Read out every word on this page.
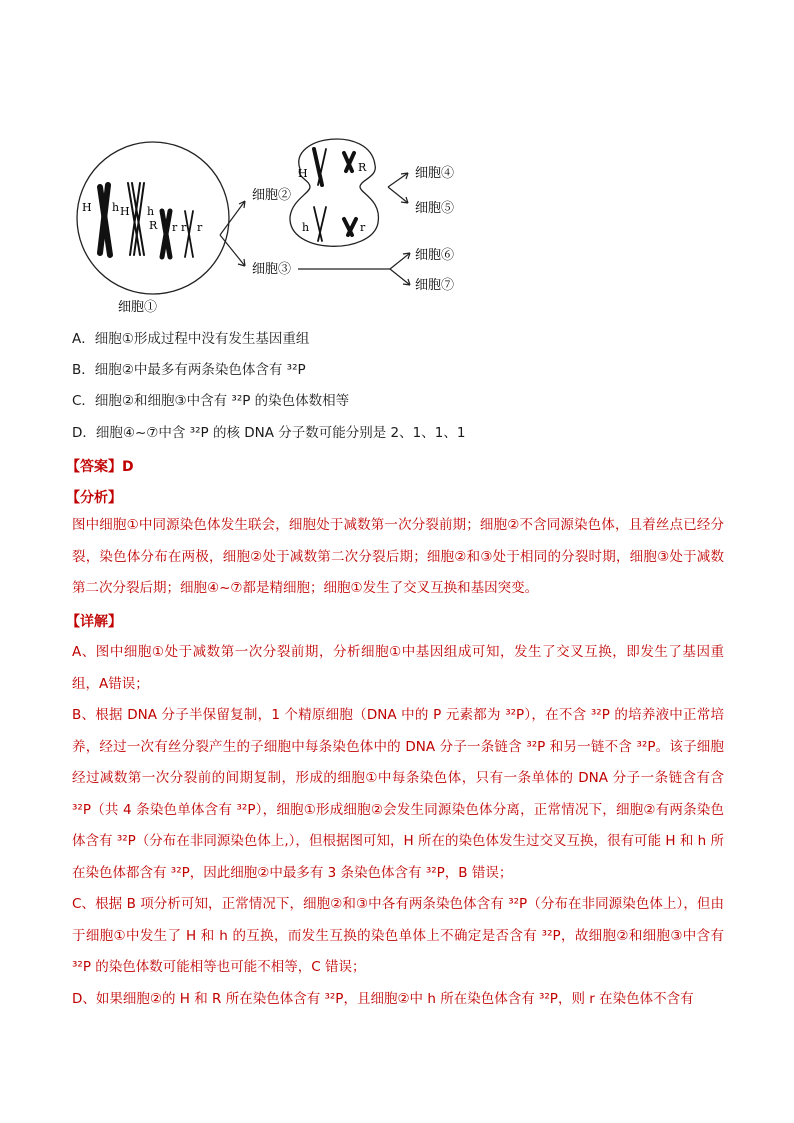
H h H h
R r r r
细胞①
细胞②
细胞③
H	R
h	r
细胞④
细胞⑤
细胞⑥
细胞⑦
A．细胞①形成过程中没有发生基因重组
B．细胞②中最多有两条染色体含有 ³²P
C．细胞②和细胞③中含有 ³²P 的染色体数相等
D．细胞④~⑦中含 ³²P 的核 DNA 分子数可能分别是 2、1、1、1
【答案】D
【分析】

图中细胞①中同源染色体发生联会，细胞处于减数第一次分裂前期；细胞②不含同源染色体，且着丝点已经分裂，染色体分布在两极，细胞②处于减数第二次分裂后期；细胞②和③处于相同的分裂时期，细胞③处于减数第二次分裂后期；细胞④~⑦都是精细胞；细胞①发生了交叉互换和基因突变。

【详解】

A、图中细胞①处于减数第一次分裂前期，分析细胞①中基因组成可知，发生了交叉互换，即发生了基因重组，A错误；

B、根据 DNA 分子半保留复制，1 个精原细胞（DNA 中的 P 元素都为 ³²P），在不含 ³²P 的培养液中正常培养，经过一次有丝分裂产生的子细胞中每条染色体中的 DNA 分子一条链含 ³²P 和另一链不含 ³²P。该子细胞经过减数第一次分裂前的间期复制，形成的细胞①中每条染色体，只有一条单体的 DNA 分子一条链含有含 ³²P（共 4 条染色单体含有 ³²P），细胞①形成细胞②会发生同源染色体分离，正常情况下，细胞②有两条染色体含有 ³²P（分布在非同源染色体上,），但根据图可知，H 所在的染色体发生过交叉互换，很有可能 H 和 h 所在染色体都含有 ³²P，因此细胞②中最多有 3 条染色体含有 ³²P，B 错误；

C、根据 B 项分析可知，正常情况下，细胞②和③中各有两条染色体含有 ³²P（分布在非同源染色体上），但由于细胞①中发生了 H 和 h 的互换，而发生互换的染色单体上不确定是否含有 ³²P，故细胞②和细胞③中含有 ³²P 的染色体数可能相等也可能不相等，C 错误；

D、如果细胞②的 H 和 R 所在染色体含有 ³²P，且细胞②中 h 所在染色体含有 ³²P，则 r 在染色体不含有
